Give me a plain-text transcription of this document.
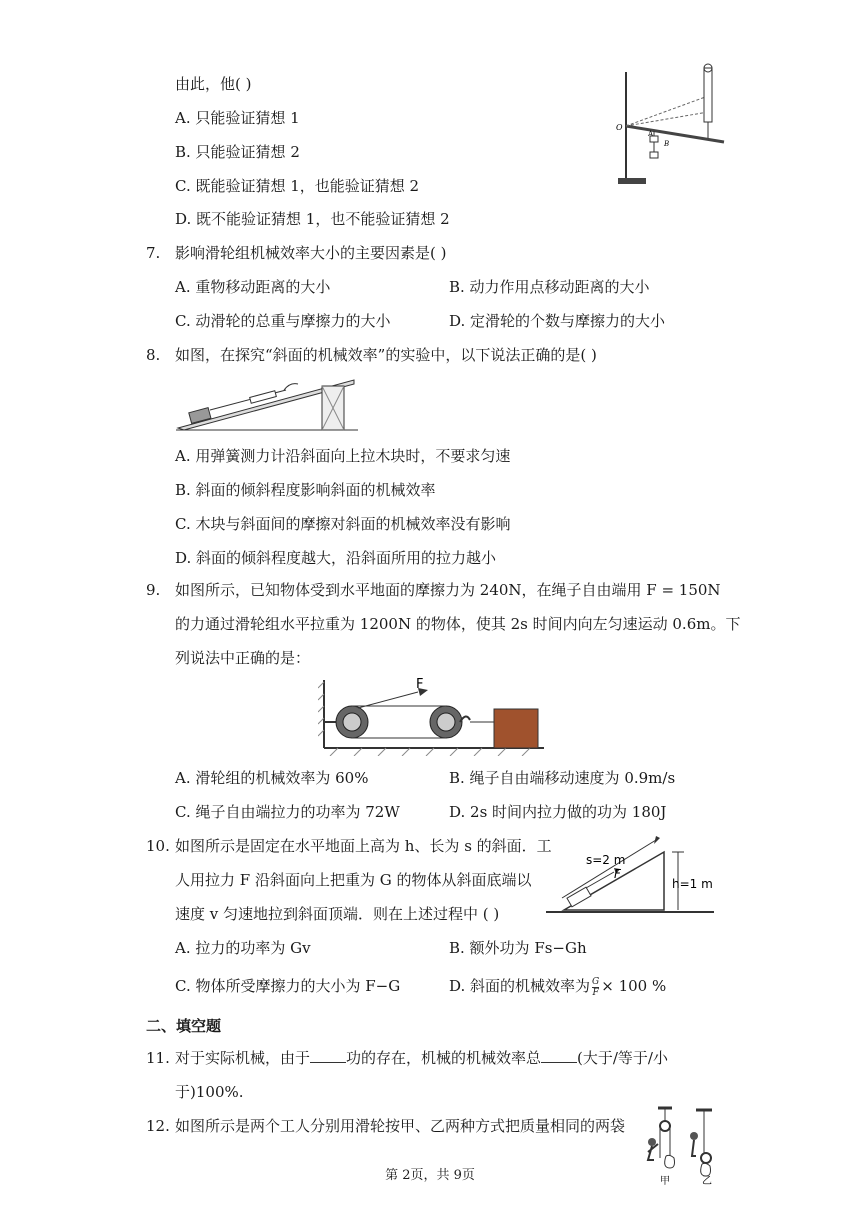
由此，他( )
A. 只能验证猜想 1
B. 只能验证猜想 2
C. 既能验证猜想 1，也能验证猜想 2
D. 既不能验证猜想 1，也不能验证猜想 2
O
A
B
7. 影响滑轮组机械效率大小的主要因素是( )
A. 重物移动距离的大小	B. 动力作用点移动距离的大小
C. 动滑轮的总重与摩擦力的大小	D. 定滑轮的个数与摩擦力的大小
8. 如图，在探究“斜面的机械效率”的实验中，以下说法正确的是( )
A. 用弹簧测力计沿斜面向上拉木块时，不要求匀速
B. 斜面的倾斜程度影响斜面的机械效率
C. 木块与斜面间的摩擦对斜面的机械效率没有影响
D. 斜面的倾斜程度越大，沿斜面所用的拉力越小
9. 如图所示，已知物体受到水平地面的摩擦力为 240N，在绳子自由端用 F = 150N
的力通过滑轮组水平拉重为 1200N 的物体，使其 2s 时间内向左匀速运动 0.6m。下
列说法中正确的是：
F
A. 滑轮组的机械效率为 60%	B. 绳子自由端移动速度为 0.9m/s
C. 绳子自由端拉力的功率为 72W	D. 2s 时间内拉力做的功为 180J
10. 如图所示是固定在水平地面上高为 h、长为 s 的斜面．工
人用拉力 F 沿斜面向上把重为 G 的物体从斜面底端以
速度 v 匀速地拉到斜面顶端．则在上述过程中 ( )
s=2 m
F
h=1 m
A. 拉力的功率为 Gv	B. 额外功为 Fs−Gh
C. 物体所受摩擦力的大小为 F−G	D. 斜面的机械效率为 $\frac{G}{F} \times 100$ %
二、填空题
11. 对于实际机械，由于 功的存在，机械的机械效率总 (大于/等于/小
于)100%.
12. 如图所示是两个工人分别用滑轮按甲、乙两种方式把质量相同的两袋
甲	乙
第 2页，共 9页
